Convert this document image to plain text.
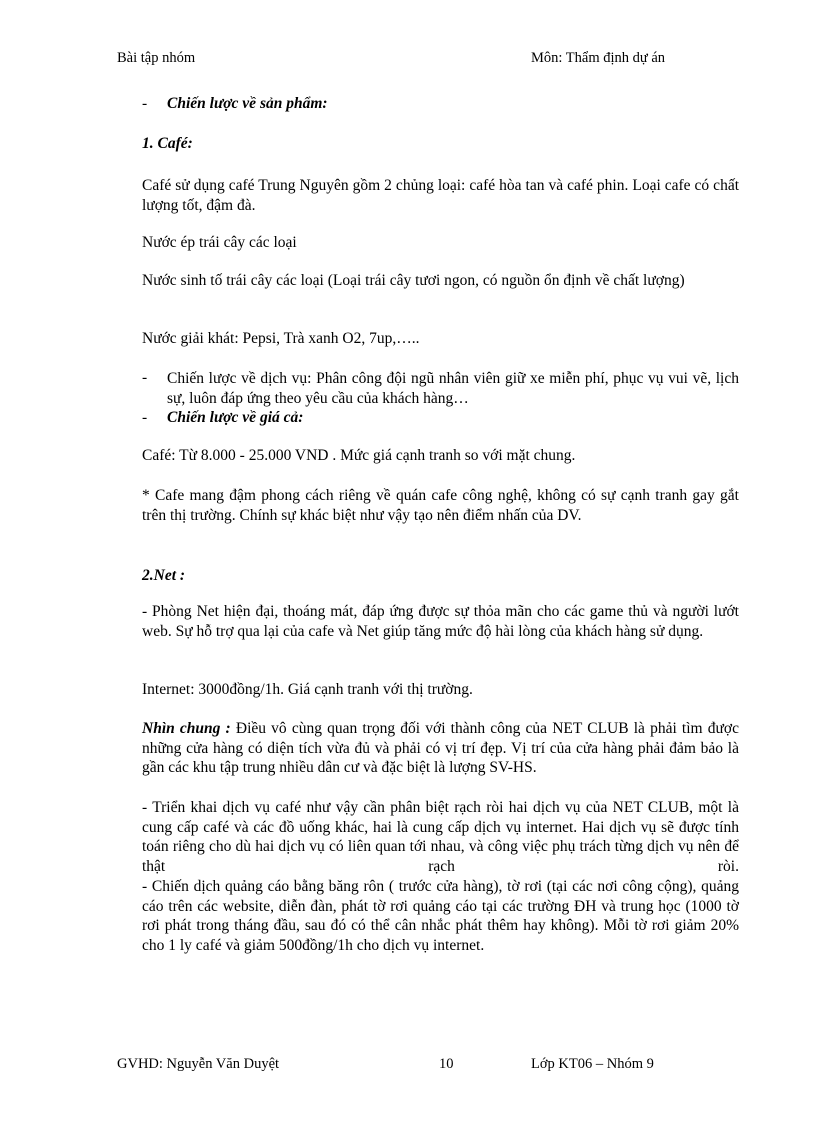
Bài tập nhóm	Môn: Thẩm định dự án
- Chiến lược về sản phẩm:
1. Café:

Café sử dụng café Trung Nguyên gồm 2 chủng loại: café hòa tan và café phin. Loại cafe có chất lượng tốt, đậm đà.

Nước ép trái cây các loại

Nước sinh tố trái cây các loại (Loại trái cây tươi ngon, có nguồn ổn định về chất lượng)

Nước giải khát: Pepsi, Trà xanh O2, 7up,…..
- Chiến lược về dịch vụ: Phân công đội ngũ nhân viên giữ xe miễn phí, phục vụ vui vẽ, lịch sự, luôn đáp ứng theo yêu cầu của khách hàng…

- Chiến lược về giá cả:
Café: Từ 8.000 - 25.000 VND . Mức giá cạnh tranh so với mặt chung.

* Cafe mang đậm phong cách riêng về quán cafe công nghệ, không có sự cạnh tranh gay gắt trên thị trường. Chính sự khác biệt như vậy tạo nên điểm nhấn của DV.

2.Net :

- Phòng Net hiện đại, thoáng mát, đáp ứng được sự thỏa mãn cho các game thủ và người lướt web. Sự hỗ trợ qua lại của cafe và Net giúp tăng mức độ hài lòng của khách hàng sử dụng.

Internet: 3000đồng/1h. Giá cạnh tranh với thị trường.

Nhìn chung : Điều vô cùng quan trọng đối với thành công của NET CLUB là phải tìm được những cửa hàng có diện tích vừa đủ và phải có vị trí đẹp. Vị trí của cửa hàng phải đảm bảo là gần các khu tập trung nhiều dân cư và đặc biệt là lượng SV-HS.

- Triển khai dịch vụ café như vậy cần phân biệt rạch ròi hai dịch vụ của NET CLUB, một là cung cấp café và các đồ uống khác, hai là cung cấp dịch vụ internet. Hai dịch vụ sẽ được tính toán riêng cho dù hai dịch vụ có liên quan tới nhau, và công việc phụ trách từng dịch vụ nên để thật rạch ròi.

- Chiến dịch quảng cáo bằng băng rôn ( trước cửa hàng), tờ rơi (tại các nơi công cộng), quảng cáo trên các website, diễn đàn, phát tờ rơi quảng cáo tại các trường ĐH và trung học (1000 tờ rơi phát trong tháng đầu, sau đó có thể cân nhắc phát thêm hay không). Mỗi tờ rơi giảm 20% cho 1 ly café và giảm 500đồng/1h cho dịch vụ internet.

GVHD: Nguyễn Văn Duyệt	10	Lớp KT06 – Nhóm 9
